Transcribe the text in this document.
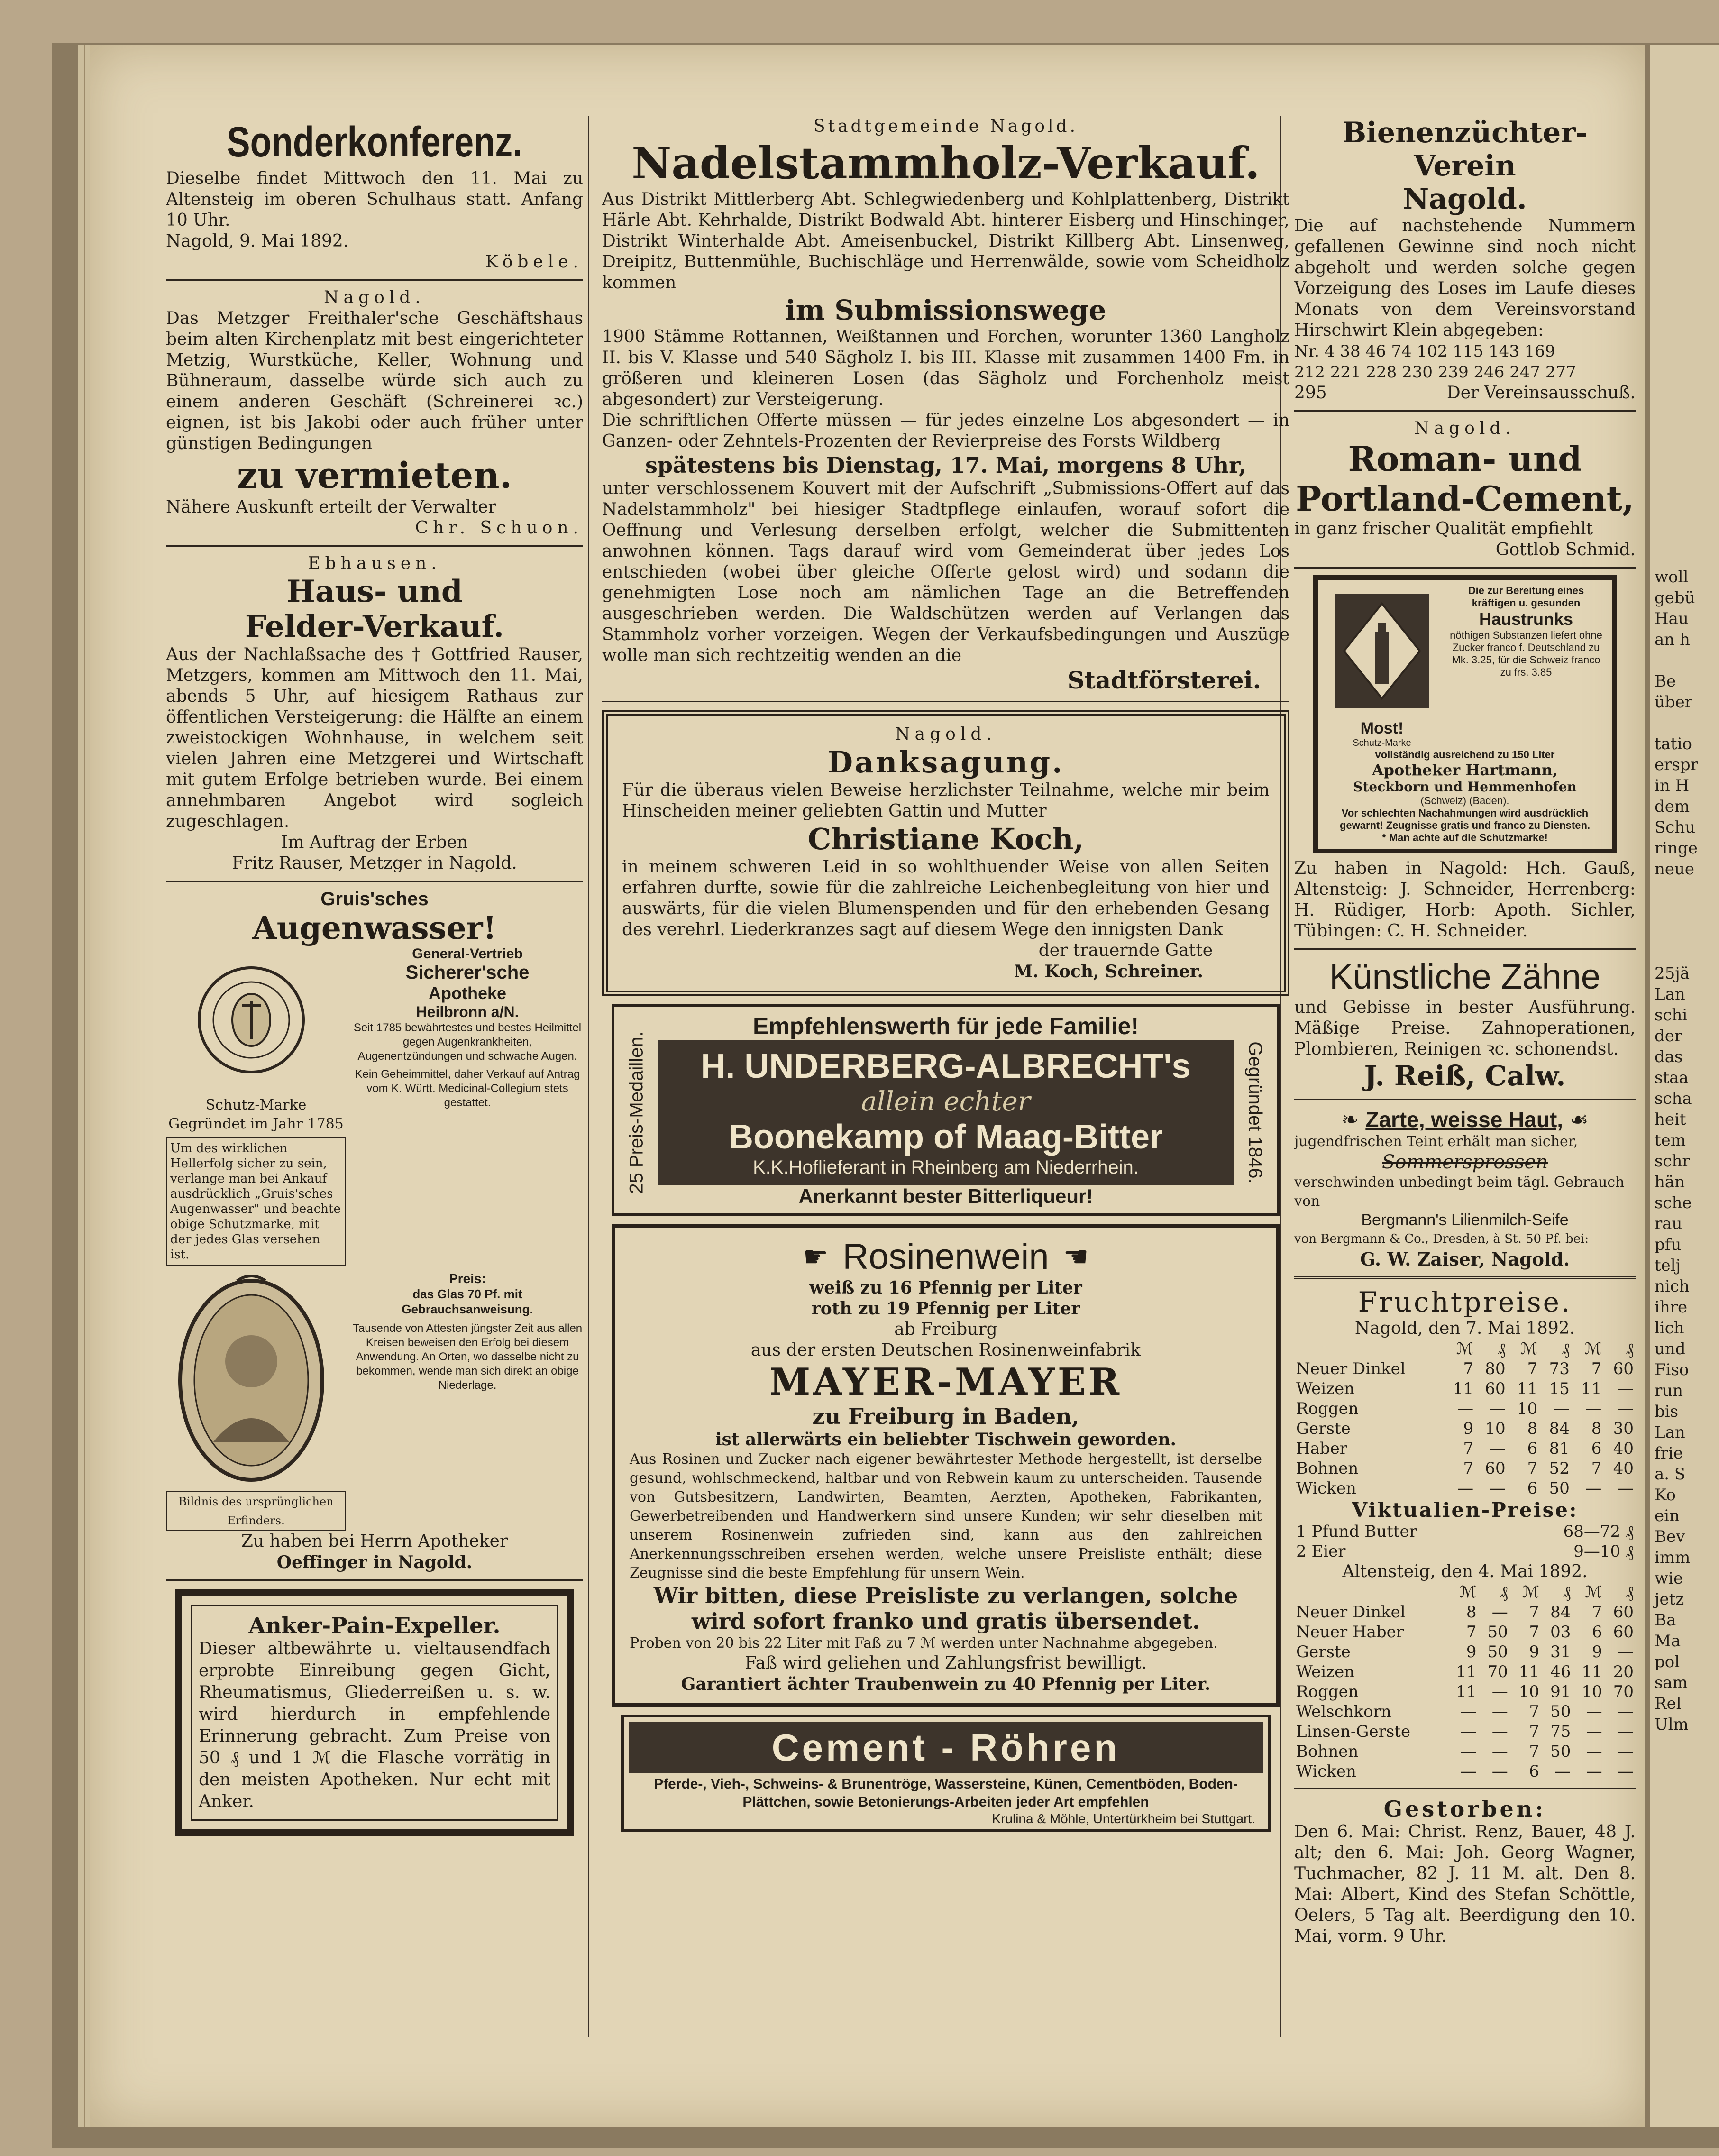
Sonderkonferenz.

Dieselbe findet Mittwoch den 11. Mai zu Altensteig im oberen Schulhaus statt. Anfang 10 Uhr.

Nagold, 9. Mai 1892.

Köbele.

Nagold.

Das Metzger Freithaler'sche Geschäftshaus beim alten Kirchenplatz mit best eingerichteter Metzig, Wurstküche, Keller, Wohnung und Bühneraum, dasselbe würde sich auch zu einem anderen Geschäft (Schreinerei ꝛc.) eignen, ist bis Jakobi oder auch früher unter günstigen Bedingungen

zu vermieten.

Nähere Auskunft erteilt der Verwalter

Chr. Schuon.

Ebhausen.

Haus- und

Felder-Verkauf.

Aus der Nachlaßsache des † Gottfried Rauser, Metzgers, kommen am Mittwoch den 11. Mai, abends 5 Uhr, auf hiesigem Rathaus zur öffentlichen Versteigerung: die Hälfte an einem zweistockigen Wohnhause, in welchem seit vielen Jahren eine Metzgerei und Wirtschaft mit gutem Erfolge betrieben wurde. Bei einem annehmbaren Angebot wird sogleich zugeschlagen.

Im Auftrag der Erben

Fritz Rauser, Metzger in Nagold.

Gruis'sches

Augenwasser!

Schutz-Marke

Gegründet im Jahr 1785

Um des wirklichen Hellerfolg sicher zu sein, verlange man bei Ankauf ausdrücklich „Gruis'sches Augenwasser" und beachte obige Schutzmarke, mit der jedes Glas versehen ist.

General-Vertrieb

Sicherer'sche

Apotheke

Heilbronn a/N.

Seit 1785 bewährtestes und bestes Heilmittel gegen Augenkrankheiten, Augenentzündungen und schwache Augen.

Kein Geheimmittel, daher Verkauf auf Antrag vom K. Württ. Medicinal-Collegium stets gestattet.

Bildnis des ursprünglichen Erfinders.

Preis:

das Glas 70 Pf. mit Gebrauchsanweisung.

Tausende von Attesten jüngster Zeit aus allen Kreisen beweisen den Erfolg bei diesem Anwendung. An Orten, wo dasselbe nicht zu bekommen, wende man sich direkt an obige Niederlage.

Zu haben bei Herrn Apotheker

Oeffinger in Nagold.

Anker-Pain-Expeller.

Dieser altbewährte u. vieltausendfach erprobte Einreibung gegen Gicht, Rheumatismus, Gliederreißen u. s. w. wird hierdurch in empfehlende Erinnerung gebracht. Zum Preise von 50 ₰ und 1 ℳ die Flasche vorrätig in den meisten Apotheken. Nur echt mit Anker.

Stadtgemeinde Nagold.

Nadelstammholz-Verkauf.

Aus Distrikt Mittlerberg Abt. Schlegwiedenberg und Kohlplattenberg, Distrikt Härle Abt. Kehrhalde, Distrikt Bodwald Abt. hinterer Eisberg und Hinschinger, Distrikt Winterhalde Abt. Ameisenbuckel, Distrikt Killberg Abt. Linsenweg, Dreipitz, Buttenmühle, Buchischläge und Herrenwälde, sowie vom Scheidholz kommen

im Submissionswege

1900 Stämme Rottannen, Weißtannen und Forchen, worunter 1360 Langholz II. bis V. Klasse und 540 Sägholz I. bis III. Klasse mit zusammen 1400 Fm. in größeren und kleineren Losen (das Sägholz und Forchenholz meist abgesondert) zur Versteigerung.

Die schriftlichen Offerte müssen — für jedes einzelne Los abgesondert — in Ganzen- oder Zehntels-Prozenten der Revierpreise des Forsts Wildberg

spätestens bis Dienstag, 17. Mai, morgens 8 Uhr,

unter verschlossenem Kouvert mit der Aufschrift „Submissions-Offert auf das Nadelstammholz" bei hiesiger Stadtpflege einlaufen, worauf sofort die Oeffnung und Verlesung derselben erfolgt, welcher die Submittenten anwohnen können. Tags darauf wird vom Gemeinderat über jedes Los entschieden (wobei über gleiche Offerte gelost wird) und sodann die genehmigten Lose noch am nämlichen Tage an die Betreffenden ausgeschrieben werden. Die Waldschützen werden auf Verlangen das Stammholz vorher vorzeigen. Wegen der Verkaufsbedingungen und Auszüge wolle man sich rechtzeitig wenden an die

Stadtförsterei.

Nagold.

Danksagung.

Für die überaus vielen Beweise herzlichster Teilnahme, welche mir beim Hinscheiden meiner geliebten Gattin und Mutter

Christiane Koch,

in meinem schweren Leid in so wohlthuender Weise von allen Seiten erfahren durfte, sowie für die zahlreiche Leichenbegleitung von hier und auswärts, für die vielen Blumenspenden und für den erhebenden Gesang des verehrl. Liederkranzes sagt auf diesem Wege den innigsten Dank

der trauernde Gatte

M. Koch, Schreiner.

Empfehlenswerth für jede Familie!

25 Preis-Medaillen.	H. UNDERBERG-ALBRECHT's

allein echter

Boonekamp of Maag-Bitter

K.K.Hoflieferant in Rheinberg am Niederrhein.	Gegründet 1846.

Anerkannt bester Bitterliqueur!

☛ Rosinenwein ☚

weiß zu 16 Pfennig per Liter

roth zu 19 Pfennig per Liter

ab Freiburg

aus der ersten Deutschen Rosinenweinfabrik

MAYER-MAYER

zu Freiburg in Baden,

ist allerwärts ein beliebter Tischwein geworden.

Aus Rosinen und Zucker nach eigener bewährtester Methode hergestellt, ist derselbe gesund, wohlschmeckend, haltbar und von Rebwein kaum zu unterscheiden. Tausende von Gutsbesitzern, Landwirten, Beamten, Aerzten, Apotheken, Fabrikanten, Gewerbetreibenden und Handwerkern sind unsere Kunden; wir sehr dieselben mit unserem Rosinenwein zufrieden sind, kann aus den zahlreichen Anerkennungsschreiben ersehen werden, welche unsere Preisliste enthält; diese Zeugnisse sind die beste Empfehlung für unsern Wein.

Wir bitten, diese Preisliste zu verlangen, solche wird sofort franko und gratis übersendet.

Proben von 20 bis 22 Liter mit Faß zu 7 ℳ werden unter Nachnahme abgegeben.

Faß wird geliehen und Zahlungsfrist bewilligt.

Garantiert ächter Traubenwein zu 40 Pfennig per Liter.

Cement - Röhren

Pferde-, Vieh-, Schweins- & Brunentröge, Wassersteine, Künen, Cementböden, Boden-Plättchen, sowie Betonierungs-Arbeiten jeder Art empfehlen

Krulina & Möhle, Untertürkheim bei Stuttgart.

Bienenzüchter-Verein

Nagold.

Die auf nachstehende Nummern gefallenen Gewinne sind noch nicht abgeholt und werden solche gegen Vorzeigung des Loses im Laufe dieses Monats von dem Vereinsvorstand Hirschwirt Klein abgegeben:

Nr. 4 38 46 74 102 115 143 169

212 221 228 230 239 246 247 277

295	Der Vereinsausschuß.

Nagold.

Roman- und

Portland-Cement,

in ganz frischer Qualität empfiehlt

Gottlob Schmid.

Most!

Schutz-Marke

Die zur Bereitung eines kräftigen u. gesunden

Haustrunks

nöthigen Substanzen liefert ohne Zucker franco f. Deutschland zu Mk. 3.25, für die Schweiz franco zu frs. 3.85

vollständig ausreichend zu 150 Liter

Apotheker Hartmann,

Steckborn und Hemmenhofen

(Schweiz) (Baden).

Vor schlechten Nachahmungen wird ausdrücklich gewarnt! Zeugnisse gratis und franco zu Diensten.

* Man achte auf die Schutzmarke!

Zu haben in Nagold: Hch. Gauß, Altensteig: J. Schneider, Herrenberg: H. Rüdiger, Horb: Apoth. Sichler, Tübingen: C. H. Schneider.

Künstliche Zähne

und Gebisse in bester Ausführung. Mäßige Preise. Zahnoperationen, Plombieren, Reinigen ꝛc. schonendst.

J. Reiß, Calw.

❧ Zarte, weisse Haut, ☙

jugendfrischen Teint erhält man sicher,

Sommersprossen

verschwinden unbedingt beim tägl. Gebrauch von

Bergmann's Lilienmilch-Seife

von Bergmann & Co., Dresden, à St. 50 Pf. bei:

G. W. Zaiser, Nagold.

Fruchtpreise.

Nagold, den 7. Mai 1892.

	ℳ	₰	ℳ	₰	ℳ	₰
Neuer Dinkel	7	80	7	73	7	60
Weizen	11	60	11	15	11	—
Roggen	—	—	10	—	—	—
Gerste	9	10	8	84	8	30
Haber	7	—	6	81	6	40
Bohnen	7	60	7	52	7	40
Wicken	—	—	6	50	—	—

Viktualien-Preise:

1 Pfund Butter	68—72 ₰
2 Eier	9—10 ₰

Altensteig, den 4. Mai 1892.

	ℳ	₰	ℳ	₰	ℳ	₰
Neuer Dinkel	8	—	7	84	7	60
Neuer Haber	7	50	7	03	6	60
Gerste	9	50	9	31	9	—
Weizen	11	70	11	46	11	20
Roggen	11	—	10	91	10	70
Welschkorn	—	—	7	50	—	—
Linsen-Gerste	—	—	7	75	—	—
Bohnen	—	—	7	50	—	—
Wicken	—	—	6	—	—	—

Gestorben:

Den 6. Mai: Christ. Renz, Bauer, 48 J. alt; den 6. Mai: Joh. Georg Wagner, Tuchmacher, 82 J. 11 M. alt. Den 8. Mai: Albert, Kind des Stefan Schöttle, Oelers, 5 Tag alt. Beerdigung den 10. Mai, vorm. 9 Uhr.

woll

gebü

Hau

an h

Be

über

tatio

erspr

in H

dem

Schu

ringe

neue

25jä

Lan

schi

der

das

staa

scha

heit

tem

schr

hän

sche

rau

pfu

telj

nich

ihre

lich

und

Fiso

run

bis

Lan

frie

a. S

Ko

ein

Bev

imm

wie

jetz

Ba

Ma

pol

sam

Rel

Ulm
